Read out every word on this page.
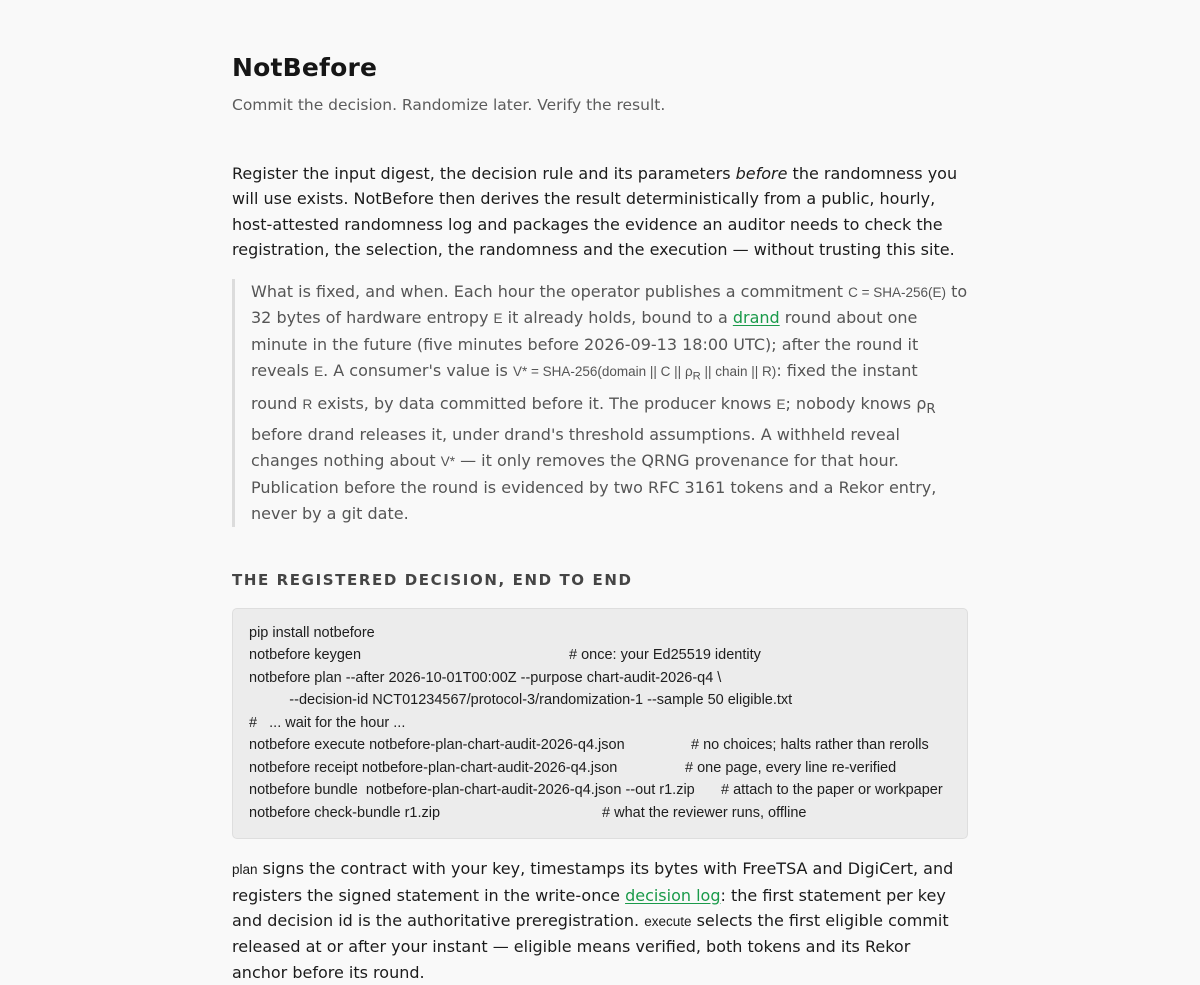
NotBefore

Commit the decision. Randomize later. Verify the result.

Register the input digest, the decision rule and its parameters before the randomness you will use exists. NotBefore then derives the result deterministically from a public, hourly, host-attested randomness log and packages the evidence an auditor needs to check the registration, the selection, the randomness and the execution — without trusting this site.

What is fixed, and when. Each hour the operator publishes a commitment C = SHA-256(E) to 32 bytes of hardware entropy E it already holds, bound to a drand round about one minute in the future (five minutes before 2026-09-13 18:00 UTC); after the round it reveals E. A consumer's value is V* = SHA-256(domain || C || $\rho_R$ || chain || R): fixed the instant round R exists, by data committed before it. The producer knows E; nobody knows $\rho_R$ before drand releases it, under drand's threshold assumptions. A withheld reveal changes nothing about V* — it only removes the QRNG provenance for that hour. Publication before the round is evidenced by two RFC 3161 tokens and a Rekor entry, never by a git date.
THE REGISTERED DECISION, END TO END
pip install notbefore
notbefore keygen	# once: your Ed25519 identity
notbefore plan --after 2026-10-01T00:00Z --purpose chart-audit-2026-q4 \
--decision-id NCT01234567/protocol-3/randomization-1 --sample 50 eligible.txt
#   ... wait for the hour ...
notbefore execute notbefore-plan-chart-audit-2026-q4.json	# no choices; halts rather than rerolls
notbefore receipt notbefore-plan-chart-audit-2026-q4.json	# one page, every line re-verified
notbefore bundle  notbefore-plan-chart-audit-2026-q4.json --out r1.zip # attach to the paper or workpaper
notbefore check-bundle r1.zip	# what the reviewer runs, offline

plan signs the contract with your key, timestamps its bytes with FreeTSA and DigiCert, and registers the signed statement in the write-once decision log: the first statement per key and decision id is the authoritative preregistration. execute selects the first eligible commit released at or after your instant — eligible means verified, both tokens and its Rekor anchor before its round.
